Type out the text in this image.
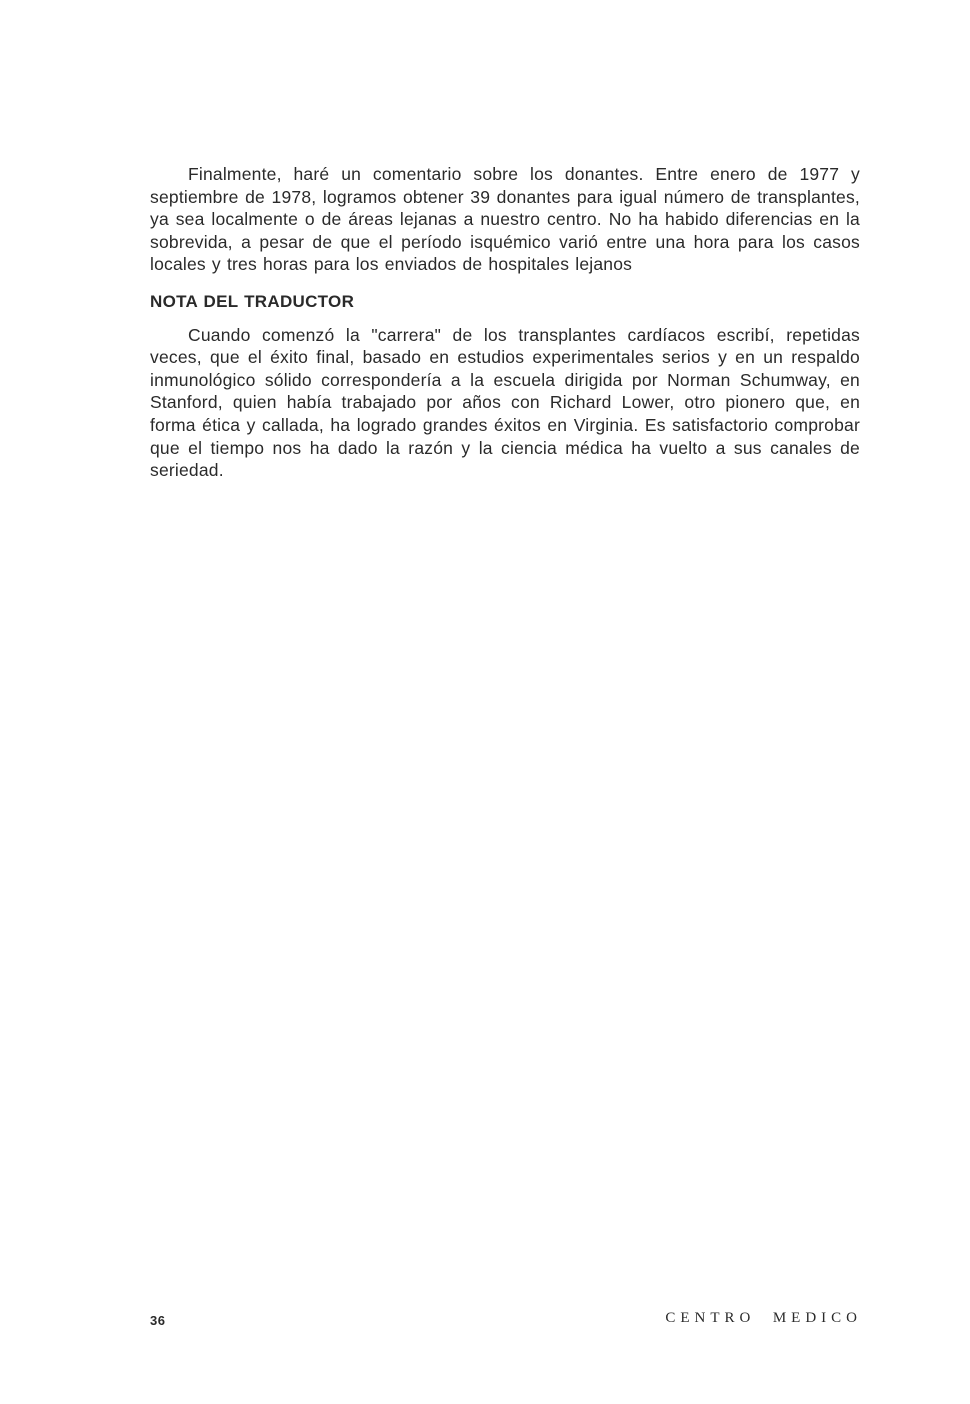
Finalmente, haré un comentario sobre los donantes. Entre enero de 1977 y septiembre de 1978, logramos obtener 39 donantes para igual número de transplantes, ya sea localmente o de áreas lejanas a nuestro centro. No ha habido diferencias en la sobrevida, a pesar de que el período isquémico varió entre una hora para los casos locales y tres horas para los enviados de hospitales lejanos

NOTA DEL TRADUCTOR

Cuando comenzó la "carrera" de los transplantes cardíacos escribí, repetidas veces, que el éxito final, basado en estudios experimentales serios y en un respaldo inmunológico sólido correspondería a la escuela dirigida por Norman Schumway, en Stanford, quien había trabajado por años con Richard Lower, otro pionero que, en forma ética y callada, ha logrado grandes éxitos en Virginia. Es satisfactorio comprobar que el tiempo nos ha dado la razón y la ciencia médica ha vuelto a sus canales de seriedad.

36	CENTRO  MEDICO
